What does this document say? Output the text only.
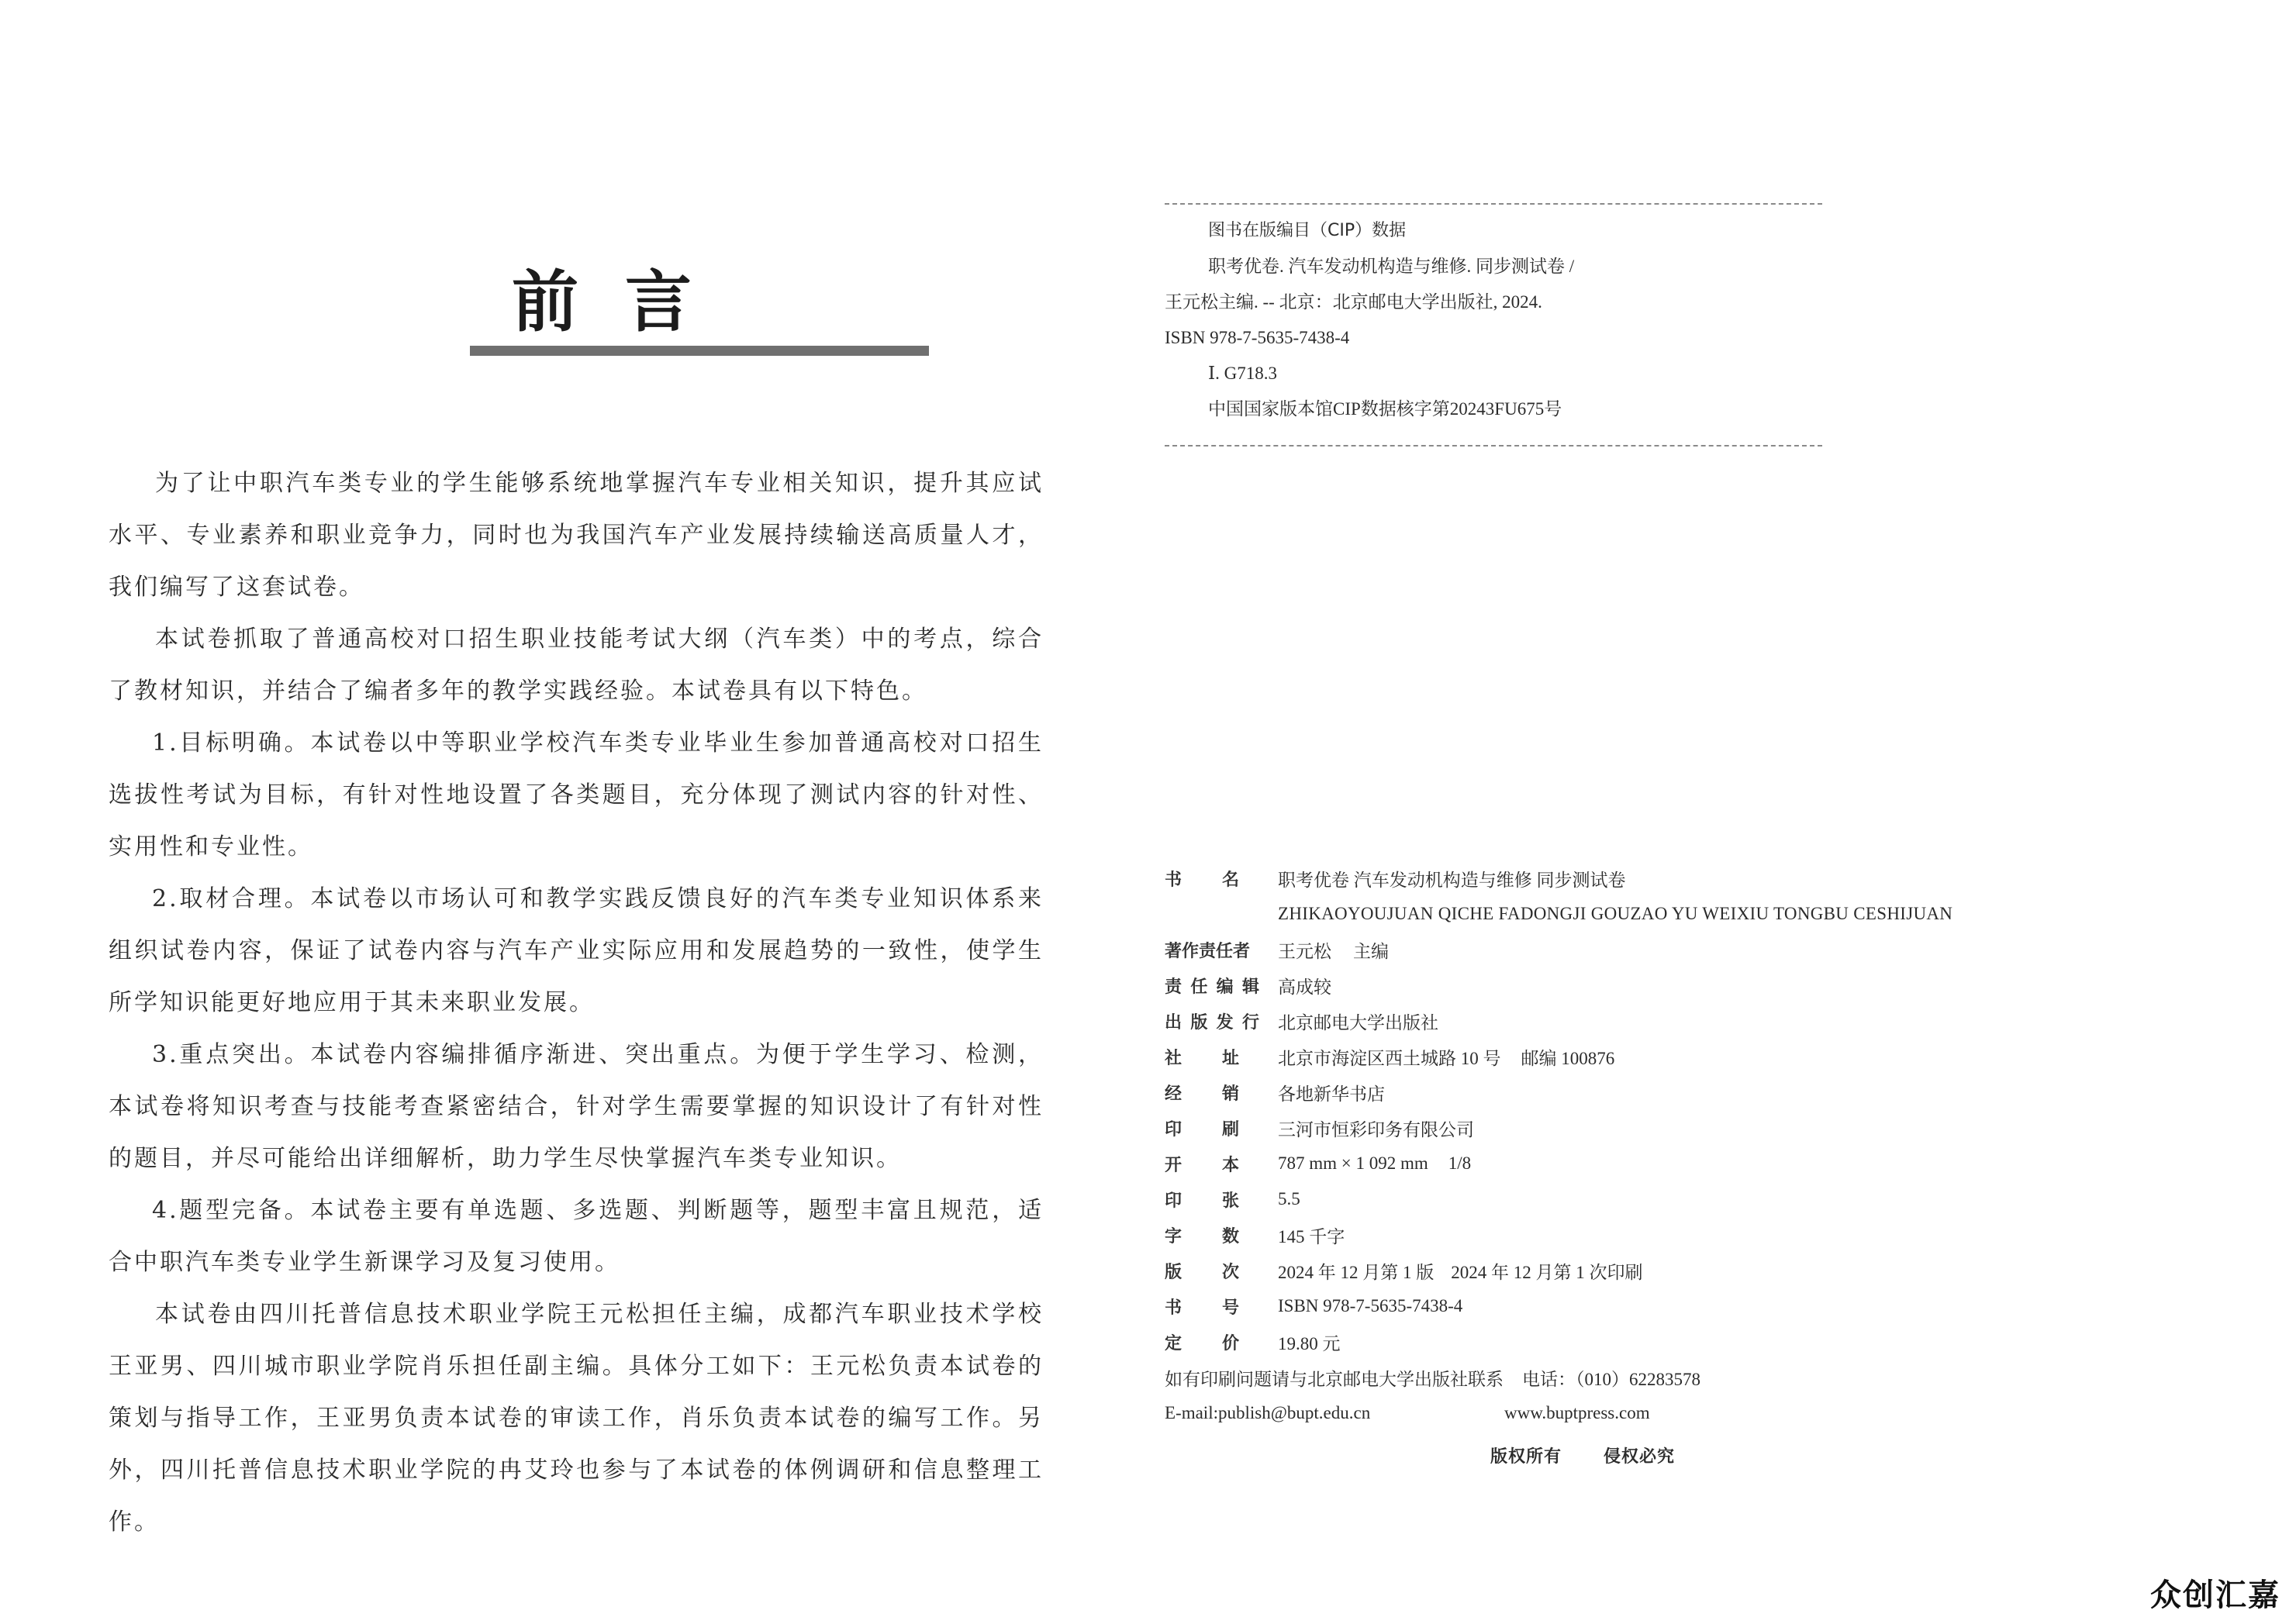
前言

为了让中职汽车类专业的学生能够系统地掌握汽车专业相关知识，提升其应试水平、专业素养和职业竞争力，同时也为我国汽车产业发展持续输送高质量人才，我们编写了这套试卷。

本试卷抓取了普通高校对口招生职业技能考试大纲（汽车类）中的考点，综合了教材知识，并结合了编者多年的教学实践经验。本试卷具有以下特色。

1.目标明确。本试卷以中等职业学校汽车类专业毕业生参加普通高校对口招生选拔性考试为目标，有针对性地设置了各类题目，充分体现了测试内容的针对性、实用性和专业性。

2.取材合理。本试卷以市场认可和教学实践反馈良好的汽车类专业知识体系来组织试卷内容，保证了试卷内容与汽车产业实际应用和发展趋势的一致性，使学生所学知识能更好地应用于其未来职业发展。

3.重点突出。本试卷内容编排循序渐进、突出重点。为便于学生学习、检测，本试卷将知识考查与技能考查紧密结合，针对学生需要掌握的知识设计了有针对性的题目，并尽可能给出详细解析，助力学生尽快掌握汽车类专业知识。

4.题型完备。本试卷主要有单选题、多选题、判断题等，题型丰富且规范，适合中职汽车类专业学生新课学习及复习使用。

本试卷由四川托普信息技术职业学院王元松担任主编，成都汽车职业技术学校王亚男、四川城市职业学院肖乐担任副主编。具体分工如下：王元松负责本试卷的策划与指导工作，王亚男负责本试卷的审读工作，肖乐负责本试卷的编写工作。另外，四川托普信息技术职业学院的冉艾玲也参与了本试卷的体例调研和信息整理工作。

图书在版编目（CIP）数据
职考优卷. 汽车发动机构造与维修. 同步测试卷 /
王元松主编. -- 北京：北京邮电大学出版社, 2024.
ISBN 978-7-5635-7438-4
Ⅰ. G718.3
中国国家版本馆CIP数据核字第20243FU675号
书 名	职考优卷 汽车发动机构造与维修 同步测试卷
ZHIKAOYOUJUAN QICHE FADONGJI GOUZAO YU WEIXIU TONGBU CESHIJUAN
著作责任者	王元松 主编
责 任 编 辑	高成较
出 版 发 行	北京邮电大学出版社
社 址	北京市海淀区西土城路 10 号 邮编 100876
经 销	各地新华书店
印 刷	三河市恒彩印务有限公司
开 本	787 mm × 1 092 mm 1/8
印 张	5.5
字 数	145 千字
版 次	2024 年 12 月第 1 版 2024 年 12 月第 1 次印刷
书 号	ISBN 978-7-5635-7438-4
定 价	19.80 元
如有印刷问题请与北京邮电大学出版社联系 电话：（010）62283578
E-mail:publish@bupt.edu.cn	www.buptpress.com
版权所有 侵权必究
众创汇嘉
